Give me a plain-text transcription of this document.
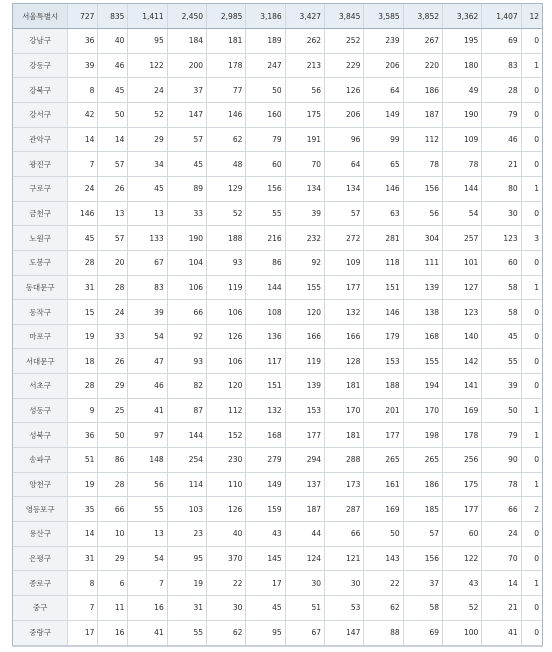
서울특별시	727	835	1,411	2,450	2,985	3,186	3,427	3,845	3,585	3,852	3,362	1,407	12
강남구	36	40	95	184	181	189	262	252	239	267	195	69	0
강동구	39	46	122	200	178	247	213	229	206	220	180	83	1
강북구	8	45	24	37	77	50	56	126	64	186	49	28	0
강서구	42	50	52	147	146	160	175	206	149	187	190	79	0
관악구	14	14	29	57	62	79	191	96	99	112	109	46	0
광진구	7	57	34	45	48	60	70	64	65	78	78	21	0
구로구	24	26	45	89	129	156	134	134	146	156	144	80	1
금천구	146	13	13	33	52	55	39	57	63	56	54	30	0
노원구	45	57	133	190	188	216	232	272	281	304	257	123	3
도봉구	28	20	67	104	93	86	92	109	118	111	101	60	0
동대문구	31	28	83	106	119	144	155	177	151	139	127	58	1
동작구	15	24	39	66	106	108	120	132	146	138	123	58	0
마포구	19	33	54	92	126	136	166	166	179	168	140	45	0
서대문구	18	26	47	93	106	117	119	128	153	155	142	55	0
서초구	28	29	46	82	120	151	139	181	188	194	141	39	0
성동구	9	25	41	87	112	132	153	170	201	170	169	50	1
성북구	36	50	97	144	152	168	177	181	177	198	178	79	1
송파구	51	86	148	254	230	279	294	288	265	265	256	90	0
양천구	19	28	56	114	110	149	137	173	161	186	175	78	1
영등포구	35	66	55	103	126	159	187	287	169	185	177	66	2
용산구	14	10	13	23	40	43	44	66	50	57	60	24	0
은평구	31	29	54	95	370	145	124	121	143	156	122	70	0
종로구	8	6	7	19	22	17	30	30	22	37	43	14	1
중구	7	11	16	31	30	45	51	53	62	58	52	21	0
중랑구	17	16	41	55	62	95	67	147	88	69	100	41	0
